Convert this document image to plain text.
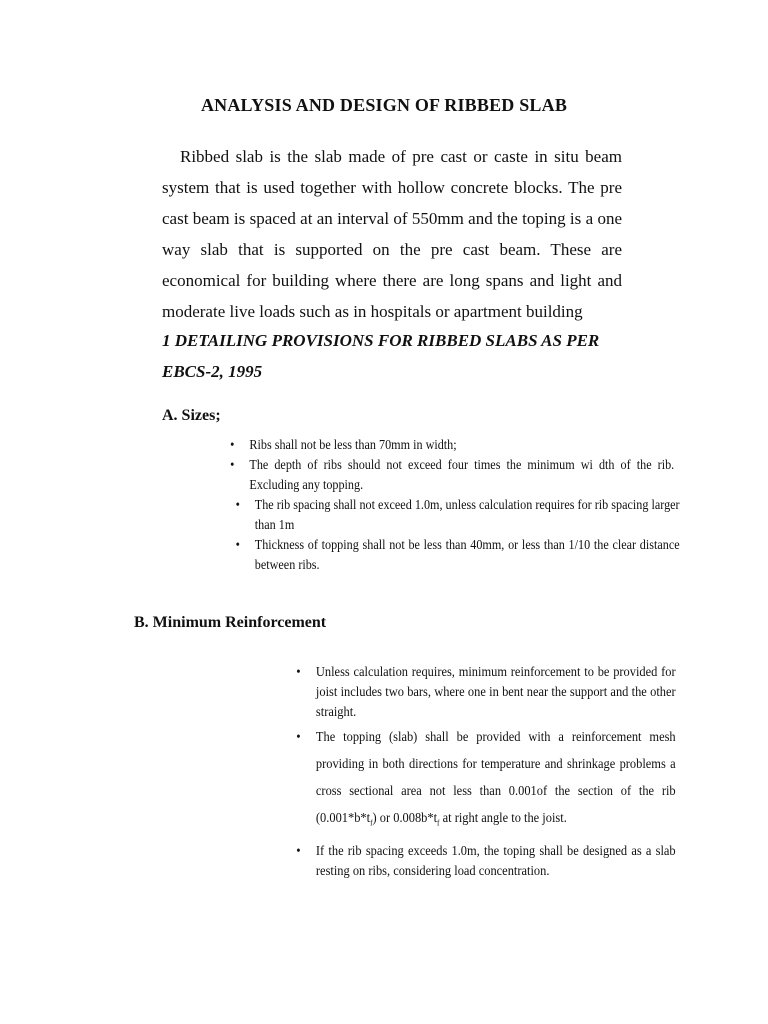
ANALYSIS AND DESIGN OF RIBBED SLAB

Ribbed slab is the slab made of pre cast or caste in situ beam system that is used together with hollow concrete blocks. The pre cast beam is spaced at an interval of 550mm and the toping is a one way slab that is supported on the pre cast beam. These are economical for building where there are long spans and light and moderate live loads such as in hospitals or apartment building

1 DETAILING PROVISIONS FOR RIBBED SLABS AS PER EBCS-2, 1995

A. Sizes;

•	Ribs shall not be less than 70mm in width;
•	The depth of ribs should not exceed four times the minimum wi dth of the rib. Excluding any topping.
•	The rib spacing shall not exceed 1.0m, unless calculation requires for rib spacing larger than 1m
•	Thickness of topping shall not be less than 40mm, or less than 1/10 the clear distance between ribs.

B. Minimum Reinforcement

•	Unless calculation requires, minimum reinforcement to be provided for joist includes two bars, where one in bent near the support and the other straight.
•	The topping (slab) shall be provided with a reinforcement mesh providing in both directions for temperature and shrinkage problems a cross sectional area not less than 0.001of the section of the rib $(0.001*b*t_f)$ or $0.008b*t_f$ at right angle to the joist.
•	If the rib spacing exceeds 1.0m, the toping shall be designed as a slab resting on ribs, considering load concentration.
